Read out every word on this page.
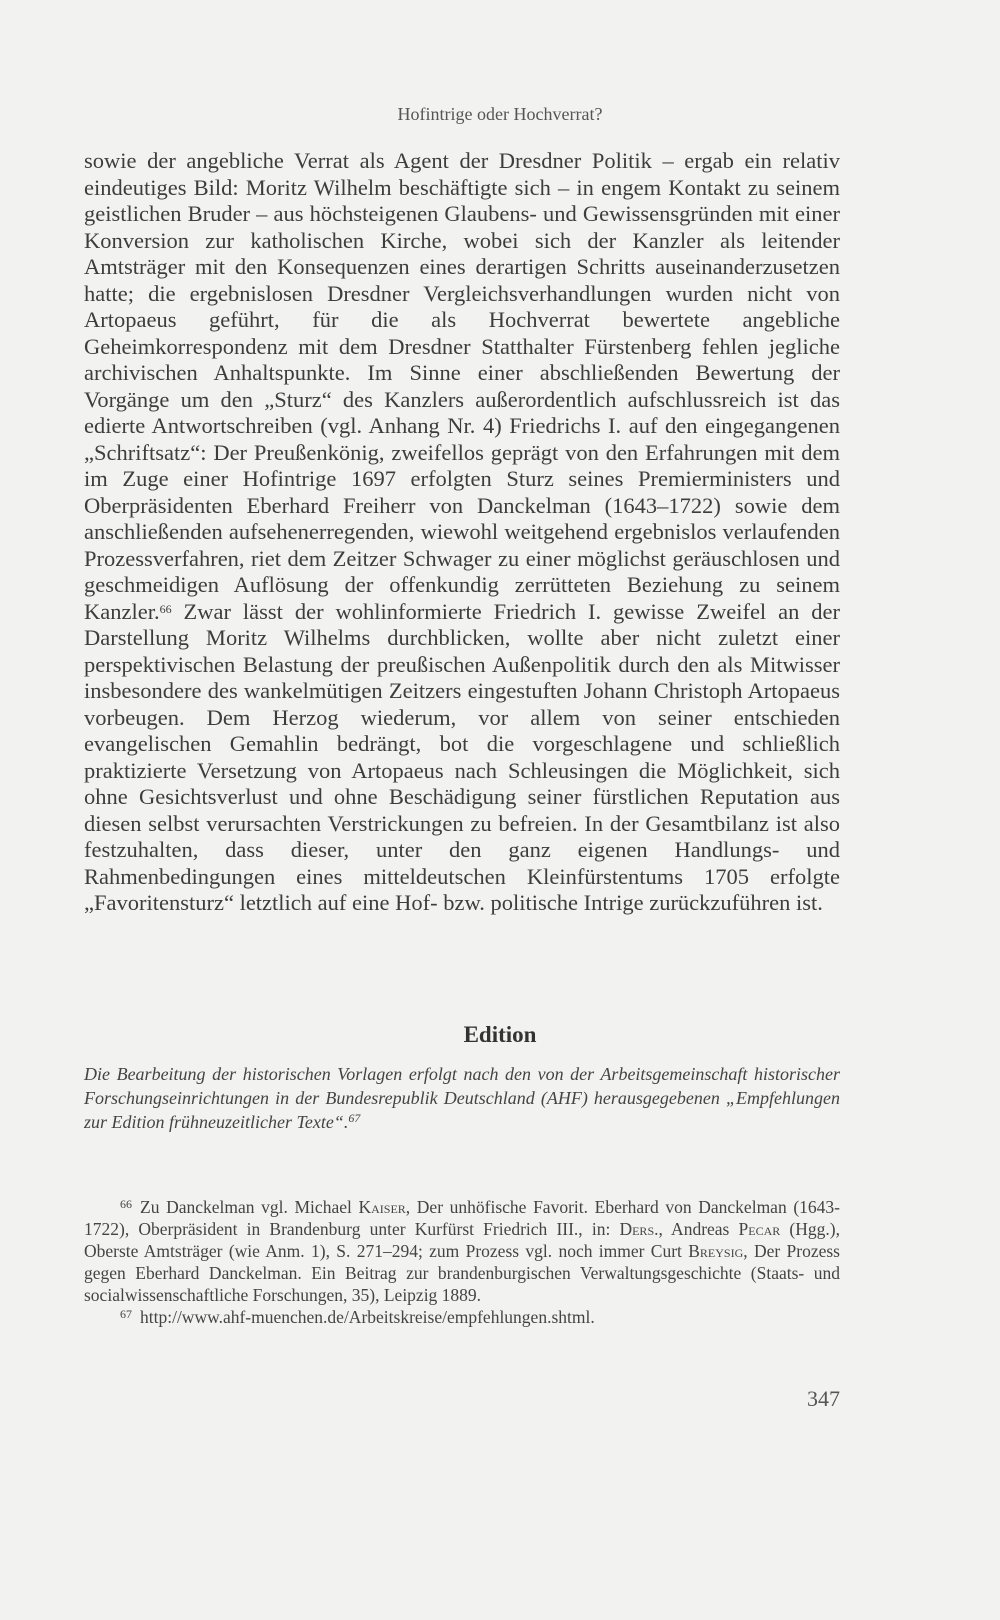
Hofintrige oder Hochverrat?

sowie der angebliche Verrat als Agent der Dresdner Politik – ergab ein relativ eindeutiges Bild: Moritz Wilhelm beschäftigte sich – in engem Kontakt zu seinem geistlichen Bruder – aus höchsteigenen Glaubens- und Gewissensgründen mit einer Konversion zur katholischen Kirche, wobei sich der Kanzler als leitender Amtsträger mit den Konsequenzen eines derartigen Schritts auseinanderzusetzen hatte; die ergebnislosen Dresdner Vergleichsverhandlungen wurden nicht von Artopaeus geführt, für die als Hochverrat bewertete angebliche Geheimkorrespondenz mit dem Dresdner Statthalter Fürstenberg fehlen jegliche archivischen Anhaltspunkte. Im Sinne einer abschließenden Bewertung der Vorgänge um den „Sturz“ des Kanzlers außerordentlich aufschlussreich ist das edierte Antwortschreiben (vgl. Anhang Nr. 4) Friedrichs I. auf den eingegangenen „Schriftsatz“: Der Preußenkönig, zweifellos geprägt von den Erfahrungen mit dem im Zuge einer Hofintrige 1697 erfolgten Sturz seines Premierministers und Oberpräsidenten Eberhard Freiherr von Danckelman (1643–1722) sowie dem anschließenden aufsehenerregenden, wiewohl weitgehend ergebnislos verlaufenden Prozessverfahren, riet dem Zeitzer Schwager zu einer möglichst geräuschlosen und geschmeidigen Auflösung der offenkundig zerrütteten Beziehung zu seinem Kanzler.$^{66}$ Zwar lässt der wohlinformierte Friedrich I. gewisse Zweifel an der Darstellung Moritz Wilhelms durchblicken, wollte aber nicht zuletzt einer perspektivischen Belastung der preußischen Außenpolitik durch den als Mitwisser insbesondere des wankelmütigen Zeitzers eingestuften Johann Christoph Artopaeus vorbeugen. Dem Herzog wiederum, vor allem von seiner entschieden evangelischen Gemahlin bedrängt, bot die vorgeschlagene und schließlich praktizierte Versetzung von Artopaeus nach Schleusingen die Möglichkeit, sich ohne Gesichtsverlust und ohne Beschädigung seiner fürstlichen Reputation aus diesen selbst verursachten Verstrickungen zu befreien. In der Gesamtbilanz ist also festzuhalten, dass dieser, unter den ganz eigenen Handlungs- und Rahmenbedingungen eines mitteldeutschen Kleinfürstentums 1705 erfolgte „Favoritensturz“ letztlich auf eine Hof- bzw. politische Intrige zurückzuführen ist.

Edition
Die Bearbeitung der historischen Vorlagen erfolgt nach den von der Arbeitsgemeinschaft historischer Forschungseinrichtungen in der Bundesrepublik Deutschland (AHF) herausgegebenen „Empfehlungen zur Edition frühneuzeitlicher Texte“.$^{67}$

$^{66}$ Zu Danckelman vgl. Michael Kaiser, Der unhöfische Favorit. Eberhard von Danckelman (1643-1722), Oberpräsident in Brandenburg unter Kurfürst Friedrich III., in: Ders., Andreas Pecar (Hgg.), Oberste Amtsträger (wie Anm. 1), S. 271–294; zum Prozess vgl. noch immer Curt Breysig, Der Prozess gegen Eberhard Danckelman. Ein Beitrag zur brandenburgischen Verwaltungsgeschichte (Staats- und socialwissenschaftliche Forschungen, 35), Leipzig 1889.

$^{67}$ http://www.ahf-muenchen.de/Arbeitskreise/empfehlungen.shtml.

347
